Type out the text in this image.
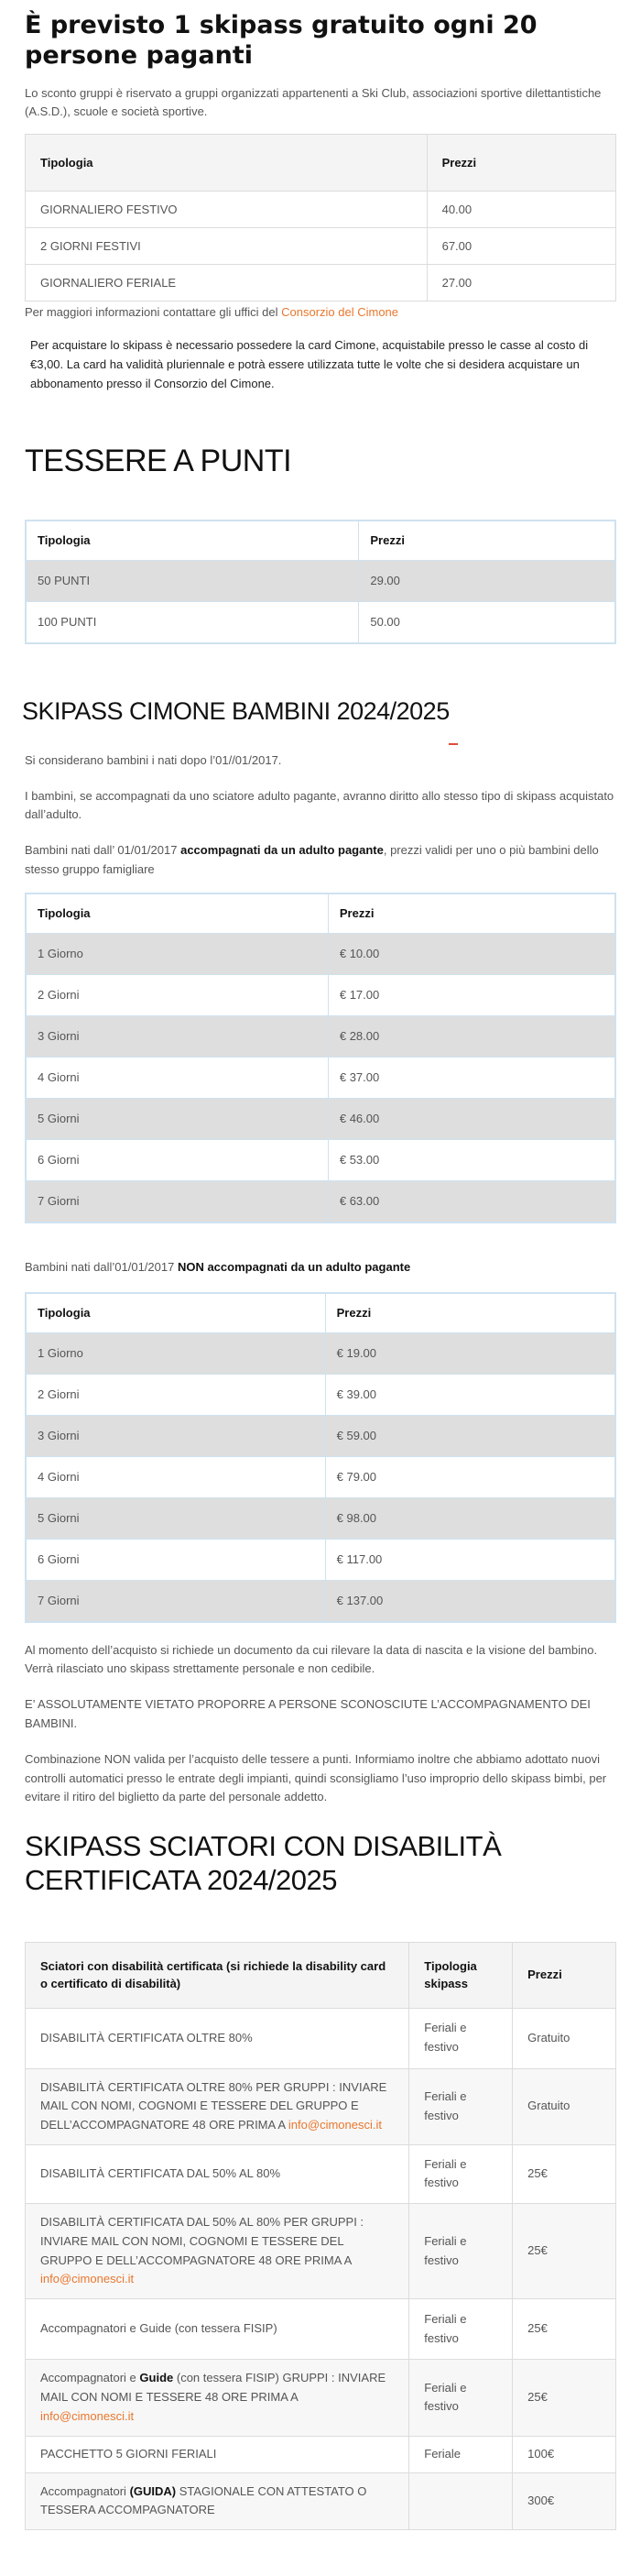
È previsto 1 skipass gratuito ogni 20 persone paganti

Lo sconto gruppi è riservato a gruppi organizzati appartenenti a Ski Club, associazioni sportive dilettantistiche (A.S.D.), scuole e società sportive.

Tipologia	Prezzi
GIORNALIERO FESTIVO	40.00
2 GIORNI FESTIVI	67.00
GIORNALIERO FERIALE	27.00

Per maggiori informazioni contattare gli uffici del Consorzio del Cimone

Per acquistare lo skipass è necessario possedere la card Cimone, acquistabile presso le casse al costo di €3,00. La card ha validità pluriennale e potrà essere utilizzata tutte le volte che si desidera acquistare un abbonamento presso il Consorzio del Cimone.

TESSERE A PUNTI
Tipologia	Prezzi
50 PUNTI	29.00
100 PUNTI	50.00
SKIPASS CIMONE BAMBINI 2024/2025

Si considerano bambini i nati dopo l’01//01/2017.

I bambini, se accompagnati da uno sciatore adulto pagante, avranno diritto allo stesso tipo di skipass acquistato dall’adulto.

Bambini nati dall’ 01/01/2017 accompagnati da un adulto pagante, prezzi validi per uno o più bambini dello stesso gruppo famigliare

Tipologia	Prezzi
1 Giorno	€ 10.00
2 Giorni	€ 17.00
3 Giorni	€ 28.00
4 Giorni	€ 37.00
5 Giorni	€ 46.00
6 Giorni	€ 53.00
7 Giorni	€ 63.00

Bambini nati dall’01/01/2017 NON accompagnati da un adulto pagante

Tipologia	Prezzi
1 Giorno	€ 19.00
2 Giorni	€ 39.00
3 Giorni	€ 59.00
4 Giorni	€ 79.00
5 Giorni	€ 98.00
6 Giorni	€ 117.00
7 Giorni	€ 137.00

Al momento dell’acquisto si richiede un documento da cui rilevare la data di nascita e la visione del bambino. Verrà rilasciato uno skipass strettamente personale e non cedibile.

E’ ASSOLUTAMENTE VIETATO PROPORRE A PERSONE SCONOSCIUTE L’ACCOMPAGNAMENTO DEI BAMBINI.

Combinazione NON valida per l’acquisto delle tessere a punti. Informiamo inoltre che abbiamo adottato nuovi controlli automatici presso le entrate degli impianti, quindi sconsigliamo l’uso improprio dello skipass bimbi, per evitare il ritiro del biglietto da parte del personale addetto.

SKIPASS SCIATORI CON DISABILITÀ CERTIFICATA 2024/2025
Sciatori con disabilità certificata (si richiede la disability card o certificato di disabilità)	Tipologia skipass	Prezzi
DISABILITÀ CERTIFICATA OLTRE 80%	Feriali e festivo	Gratuito
DISABILITÀ CERTIFICATA OLTRE 80% PER GRUPPI : INVIARE MAIL CON NOMI, COGNOMI E TESSERE DEL GRUPPO E DELL’ACCOMPAGNATORE 48 ORE PRIMA A info@cimonesci.it	Feriali e festivo	Gratuito
DISABILITÀ CERTIFICATA DAL 50% AL 80%	Feriali e festivo	25€
DISABILITÀ CERTIFICATA DAL 50% AL 80% PER GRUPPI : INVIARE MAIL CON NOMI, COGNOMI E TESSERE DEL GRUPPO E DELL’ACCOMPAGNATORE 48 ORE PRIMA A info@cimonesci.it	Feriali e festivo	25€
Accompagnatori e Guide (con tessera FISIP)	Feriali e festivo	25€
Accompagnatori e Guide (con tessera FISIP) GRUPPI : INVIARE MAIL CON NOMI E TESSERE 48 ORE PRIMA A info@cimonesci.it	Feriali e festivo	25€
PACCHETTO 5 GIORNI FERIALI	Feriale	100€
Accompagnatori (GUIDA) STAGIONALE CON ATTESTATO O TESSERA ACCOMPAGNATORE		300€
